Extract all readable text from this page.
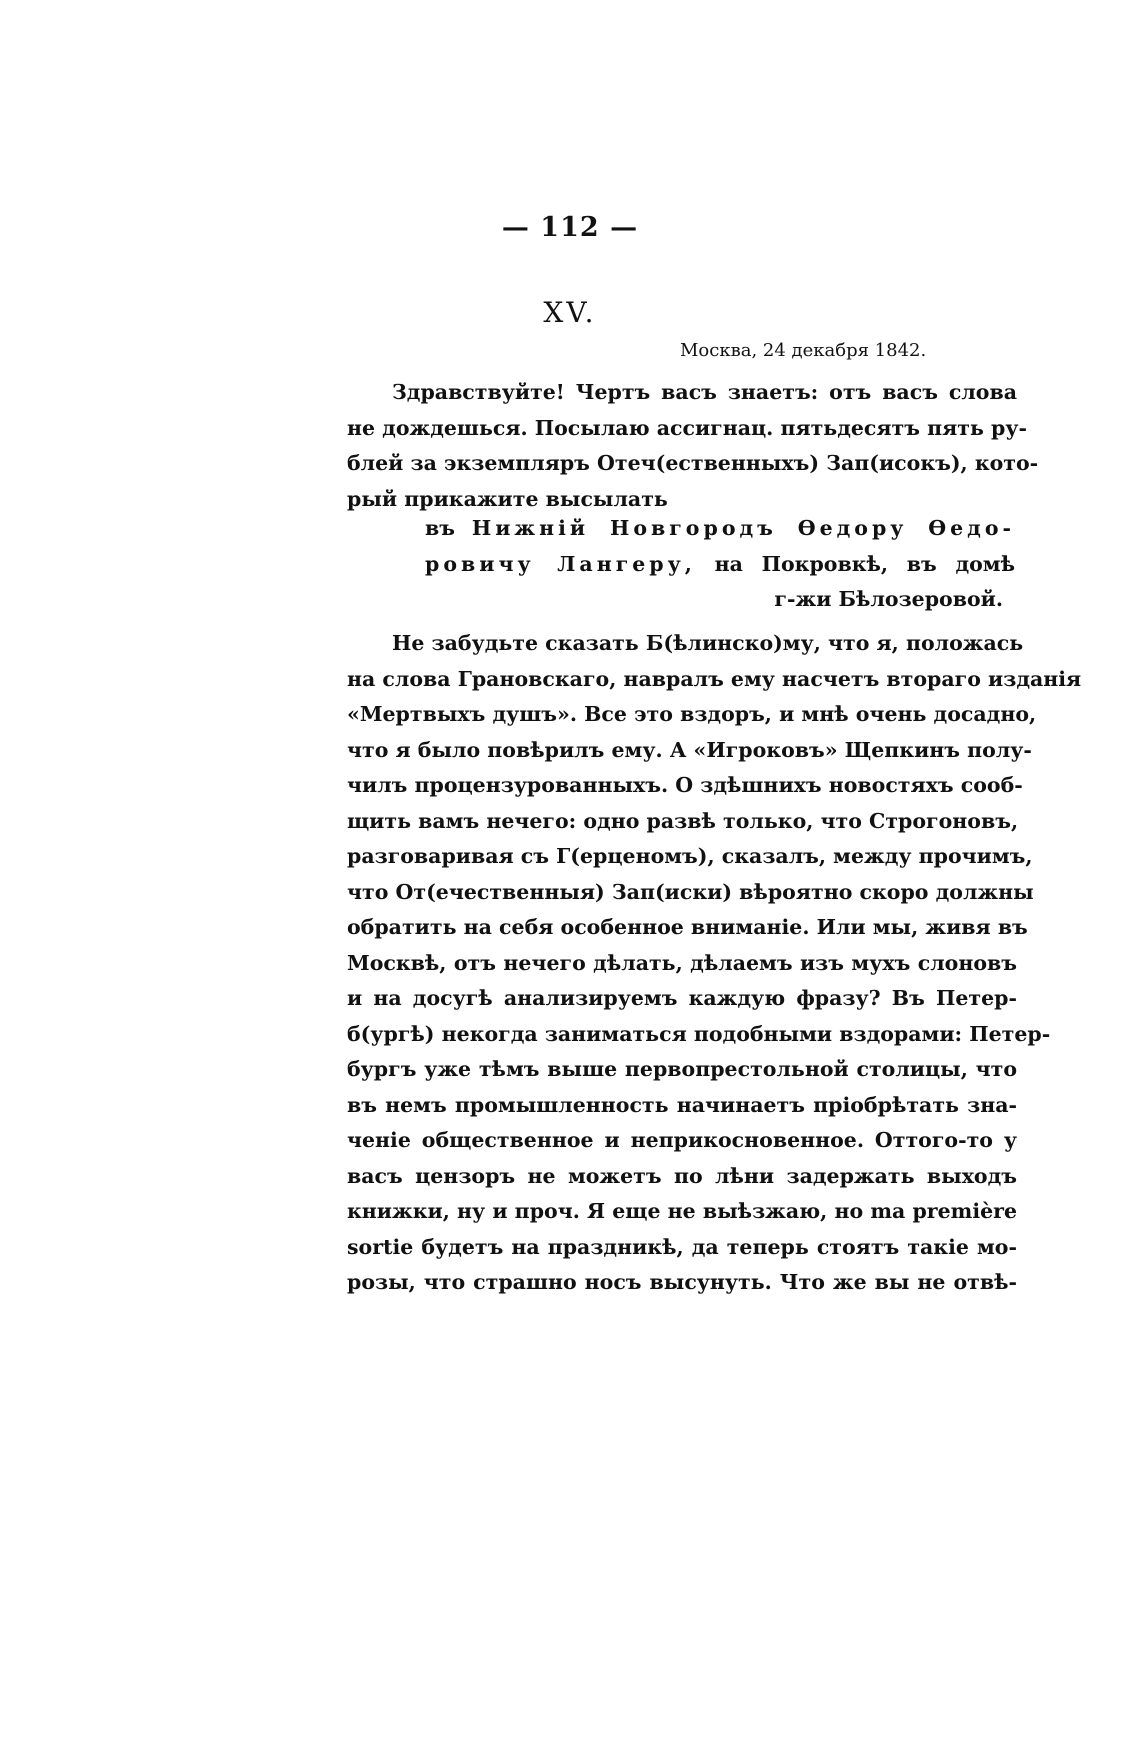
— 112 —
XV.
Москва, 24 декабря 1842.
Здравствуйте! Чертъ васъ знаетъ: отъ васъ слова
не дождешься. Посылаю ассигнац. пятьдесятъ пять ру-
блей за экземпляръ Отеч(ественныхъ) Зап(исокъ), кото-
рый прикажите высылать
въ Нижній Новгородъ Өедору Өедо-
ровичу Лангеру, на Покровкѣ, въ домѣ
г-жи Бѣлозеровой.
Не забудьте сказать Б(ѣлинско)му, что я, положась
на слова Грановскаго, навралъ ему насчетъ втораго изданія
«Мертвыхъ душъ». Все это вздоръ, и мнѣ очень досадно,
что я было повѣрилъ ему. А «Игроковъ» Щепкинъ полу-
чилъ процензурованныхъ. О здѣшнихъ новостяхъ сооб-
щить вамъ нечего: одно развѣ только, что Строгоновъ,
разговаривая съ Г(ерценомъ), сказалъ, между прочимъ,
что От(ечественныя) Зап(иски) вѣроятно скоро должны
обратить на себя особенное вниманіе. Или мы, живя въ
Москвѣ, отъ нечего дѣлать, дѣлаемъ изъ мухъ слоновъ
и на досугѣ анализируемъ каждую фразу? Въ Петер-
б(ургѣ) некогда заниматься подобными вздорами: Петер-
бургъ уже тѣмъ выше первопрестольной столицы, что
въ немъ промышленность начинаетъ пріобрѣтать зна-
ченіе общественное и неприкосновенное. Оттого-то у
васъ цензоръ не можетъ по лѣни задержать выходъ
книжки, ну и проч. Я еще не выѣзжаю, но ma première
sortie будетъ на праздникѣ, да теперь стоятъ такіе мо-
розы, что страшно носъ высунуть. Что же вы не отвѣ-
